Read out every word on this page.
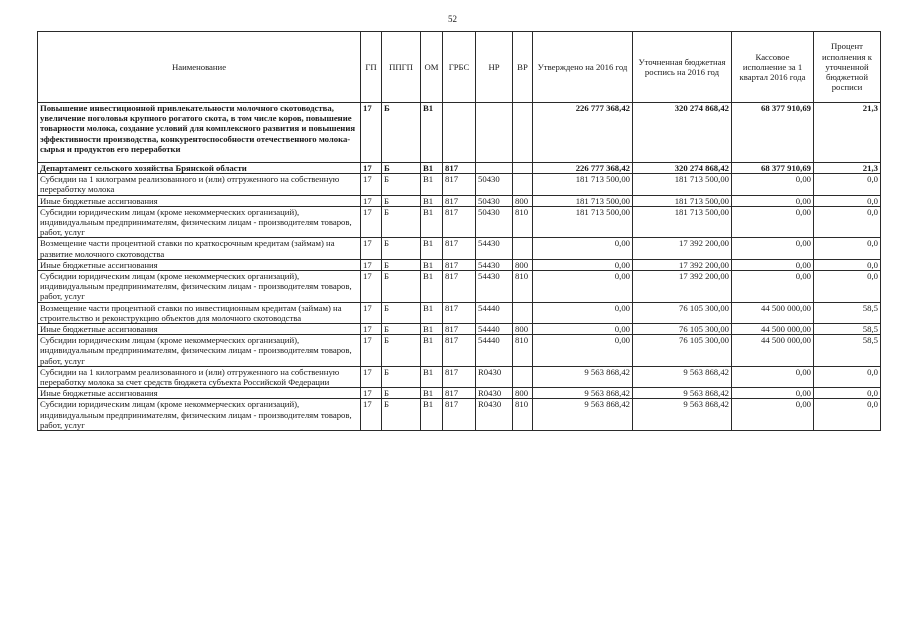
52
Наименование	ГП	ППГП	ОМ	ГРБС	НР	ВР	Утверждено на 2016 год	Уточненная бюджетная роспись на 2016 год	Кассовое исполнение за 1 квартал 2016 года	Процент исполнения к уточненной бюджетной росписи
Повышение инвестиционной привлекательности молочного скотоводства, увеличение поголовья крупного рогатого скота, в том числе коров, повышение товарности молока, создание условий для комплексного развития и повышения эффективности производства, конкурентоспособности отечественного молока-сырья и продуктов его переработки	17	Б	В1				226 777 368,42	320 274 868,42	68 377 910,69	21,3
Департамент сельского хозяйства Брянской области	17	Б	В1	817			226 777 368,42	320 274 868,42	68 377 910,69	21,3
Субсидии на 1 килограмм реализованного и (или) отгруженного на собственную переработку молока	17	Б	В1	817	50430		181 713 500,00	181 713 500,00	0,00	0,0
Иные бюджетные ассигнования	17	Б	В1	817	50430	800	181 713 500,00	181 713 500,00	0,00	0,0
Субсидии юридическим лицам (кроме некоммерческих организаций), индивидуальным предпринимателям, физическим лицам - производителям товаров, работ, услуг	17	Б	В1	817	50430	810	181 713 500,00	181 713 500,00	0,00	0,0
Возмещение части процентной ставки по краткосрочным кредитам (займам) на развитие молочного скотоводства	17	Б	В1	817	54430		0,00	17 392 200,00	0,00	0,0
Иные бюджетные ассигнования	17	Б	В1	817	54430	800	0,00	17 392 200,00	0,00	0,0
Субсидии юридическим лицам (кроме некоммерческих организаций), индивидуальным предпринимателям, физическим лицам - производителям товаров, работ, услуг	17	Б	В1	817	54430	810	0,00	17 392 200,00	0,00	0,0
Возмещение части процентной ставки по инвестиционным кредитам (займам) на строительство и реконструкцию объектов для молочного скотоводства	17	Б	В1	817	54440		0,00	76 105 300,00	44 500 000,00	58,5
Иные бюджетные ассигнования	17	Б	В1	817	54440	800	0,00	76 105 300,00	44 500 000,00	58,5
Субсидии юридическим лицам (кроме некоммерческих организаций), индивидуальным предпринимателям, физическим лицам - производителям товаров, работ, услуг	17	Б	В1	817	54440	810	0,00	76 105 300,00	44 500 000,00	58,5
Субсидии на 1 килограмм реализованного и (или) отгруженного на собственную переработку молока за счет средств бюджета субъекта Российской Федерации	17	Б	В1	817	R0430		9 563 868,42	9 563 868,42	0,00	0,0
Иные бюджетные ассигнования	17	Б	В1	817	R0430	800	9 563 868,42	9 563 868,42	0,00	0,0
Субсидии юридическим лицам (кроме некоммерческих организаций), индивидуальным предпринимателям, физическим лицам - производителям товаров, работ, услуг	17	Б	В1	817	R0430	810	9 563 868,42	9 563 868,42	0,00	0,0
